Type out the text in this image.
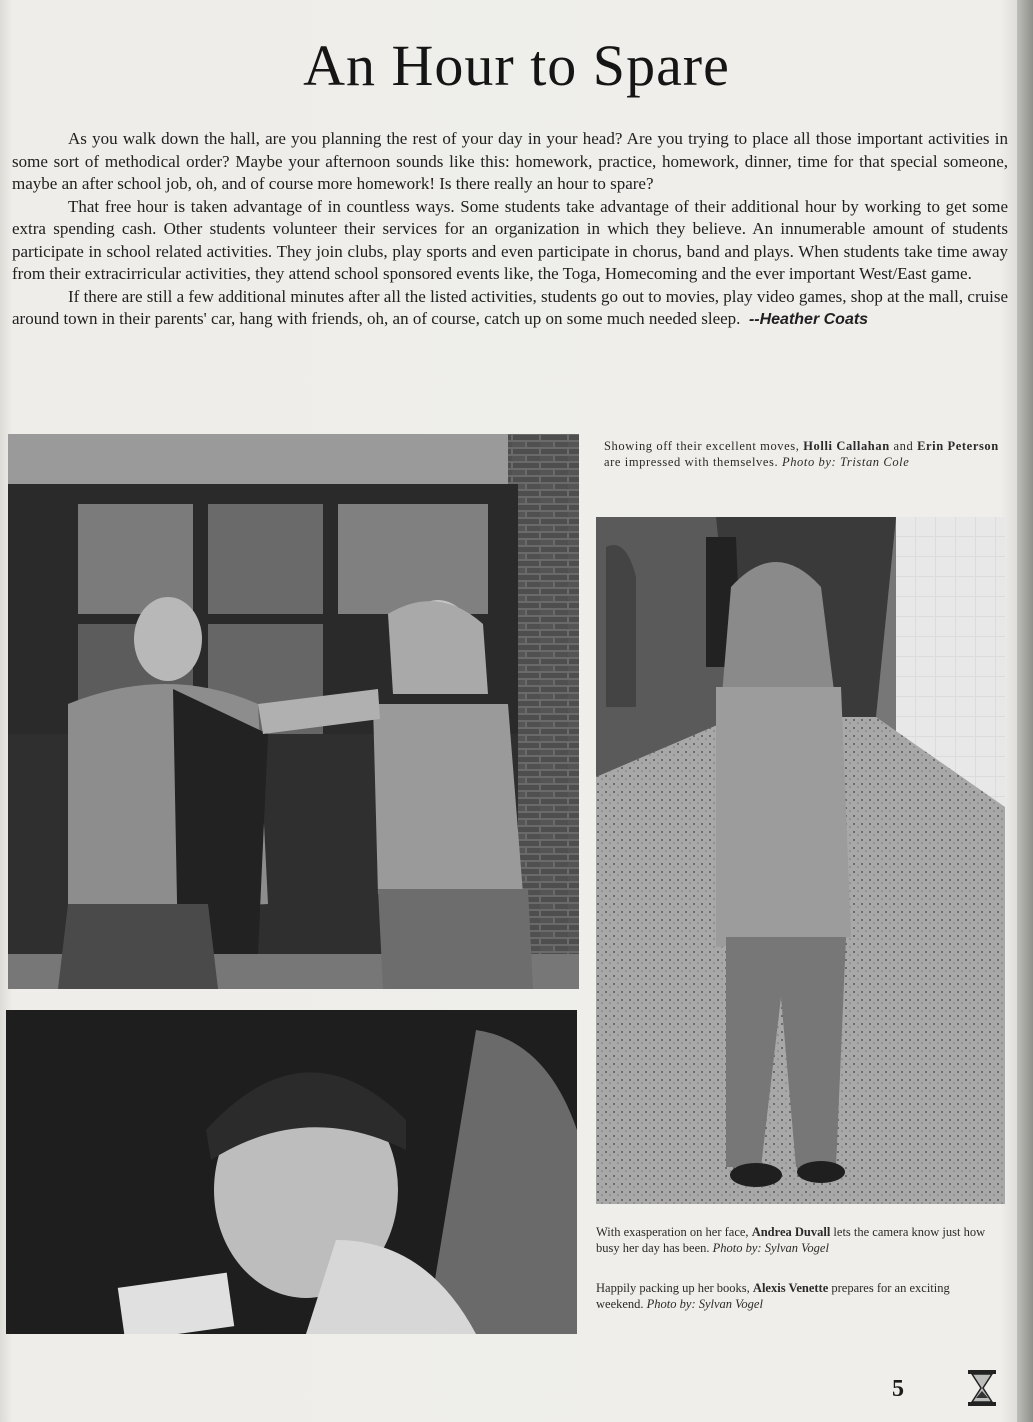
An Hour to Spare

As you walk down the hall, are you planning the rest of your day in your head? Are you trying to place all those important activities in some sort of methodical order? Maybe your afternoon sounds like this: homework, practice, homework, dinner, time for that special someone, maybe an after school job, oh, and of course more homework! Is there really an hour to spare?

That free hour is taken advantage of in countless ways. Some students take advantage of their additional hour by working to get some extra spending cash. Other students volunteer their services for an organization in which they believe. An innumerable amount of students participate in school related activities. They join clubs, play sports and even participate in chorus, band and plays. When students take time away from their extracirricular activities, they attend school sponsored events like, the Toga, Homecoming and the ever important West/East game.

If there are still a few additional minutes after all the listed activities, students go out to movies, play video games, shop at the mall, cruise around town in their parents' car, hang with friends, oh, an of course, catch up on some much needed sleep. --Heather Coats

Showing off their excellent moves, Holli Callahan and Erin Peterson are impressed with themselves. Photo by: Tristan Cole
With exasperation on her face, Andrea Duvall lets the camera know just how busy her day has been. Photo by: Sylvan Vogel
Happily packing up her books, Alexis Venette prepares for an exciting weekend. Photo by: Sylvan Vogel
5
